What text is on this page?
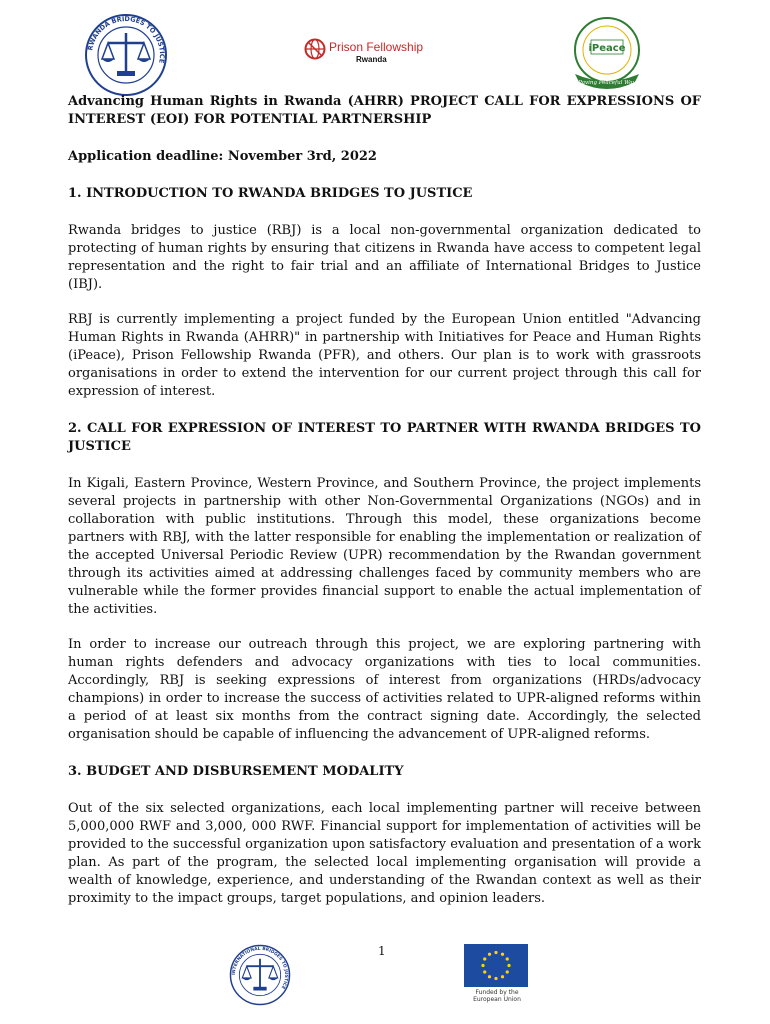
RWANDA BRIDGES TO JUSTICE
Prison Fellowship
Rwanda
iPeace
Paving Peaceful Way

Advancing Human Rights in Rwanda (AHRR) PROJECT CALL FOR EXPRESSIONS OF INTEREST (EOI) FOR POTENTIAL PARTNERSHIP

Application deadline: November 3rd, 2022

1. INTRODUCTION TO RWANDA BRIDGES TO JUSTICE

Rwanda bridges to justice (RBJ) is a local non-governmental organization dedicated to protecting of human rights by ensuring that citizens in Rwanda have access to competent legal representation and the right to fair trial and an affiliate of International Bridges to Justice (IBJ).

RBJ is currently implementing a project funded by the European Union entitled "Advancing Human Rights in Rwanda (AHRR)" in partnership with Initiatives for Peace and Human Rights (iPeace), Prison Fellowship Rwanda (PFR), and others. Our plan is to work with grassroots organisations in order to extend the intervention for our current project through this call for expression of interest.

2. CALL FOR EXPRESSION OF INTEREST TO PARTNER WITH RWANDA BRIDGES TO JUSTICE

In Kigali, Eastern Province, Western Province, and Southern Province, the project implements several projects in partnership with other Non-Governmental Organizations (NGOs) and in collaboration with public institutions. Through this model, these organizations become partners with RBJ, with the latter responsible for enabling the implementation or realization of the accepted Universal Periodic Review (UPR) recommendation by the Rwandan government through its activities aimed at addressing challenges faced by community members who are vulnerable while the former provides financial support to enable the actual implementation of the activities.

In order to increase our outreach through this project, we are exploring partnering with human rights defenders and advocacy organizations with ties to local communities. Accordingly, RBJ is seeking expressions of interest from organizations (HRDs/advocacy champions) in order to increase the success of activities related to UPR-aligned reforms within a period of at least six months from the contract signing date. Accordingly, the selected organisation should be capable of influencing the advancement of UPR-aligned reforms.

3. BUDGET AND DISBURSEMENT MODALITY

Out of the six selected organizations, each local implementing partner will receive between 5,000,000 RWF and 3,000, 000 RWF. Financial support for implementation of activities will be provided to the successful organization upon satisfactory evaluation and presentation of a work plan. As part of the program, the selected local implementing organisation will provide a wealth of knowledge, experience, and understanding of the Rwandan context as well as their proximity to the impact groups, target populations, and opinion leaders.

INTERNATIONAL BRIDGES TO JUSTICE
1
Funded by the European Union
